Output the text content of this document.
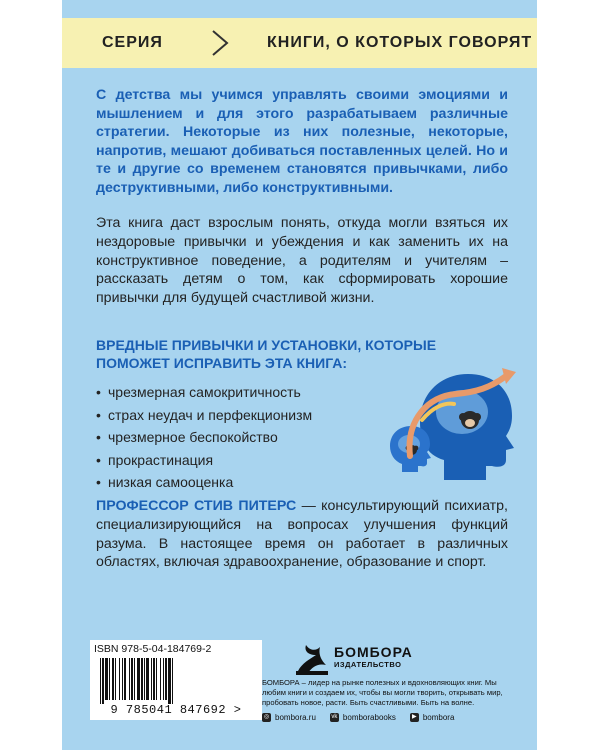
СЕРИЯ	КНИГИ, О КОТОРЫХ ГОВОРЯТ
С детства мы учимся управлять своими эмоциями и мышлением и для этого разрабатываем различные стратегии. Некоторые из них полезные, некоторые, напротив, мешают добиваться поставленных целей. Но и те и другие со временем становятся привычками, либо деструктивными, либо конструктивными.
Эта книга даст взрослым понять, откуда могли взяться их нездоровые привычки и убеждения и как заменить их на конструктивное поведение, а родителям и учителям – рассказать детям о том, как сформировать хорошие привычки для будущей счастливой жизни.
ВРЕДНЫЕ ПРИВЫЧКИ И УСТАНОВКИ, КОТОРЫЕ ПОМОЖЕТ ИСПРАВИТЬ ЭТА КНИГА:
• чрезмерная самокритичность
• страх неудач и перфекционизм
• чрезмерное беспокойство
• прокрастинация
• низкая самооценка
ПРОФЕССОР СТИВ ПИТЕРС — консультирующий психиатр, специализирующийся на вопросах улучшения функций разума. В настоящее время он работает в различных областях, включая здравоохранение, образование и спорт.
ISBN 978-5-04-184769-2
9 785041 847692 >
БОМБОРА
ИЗДАТЕЛЬСТВО
БОМБОРА – лидер на рынке полезных и вдохновляющих книг. Мы любим книги и создаем их, чтобы вы могли творить, открывать мир, пробовать новое, расти. Быть счастливыми. Быть на волне.
◎ bombora.ru	vk bomborabooks	▶ bombora
